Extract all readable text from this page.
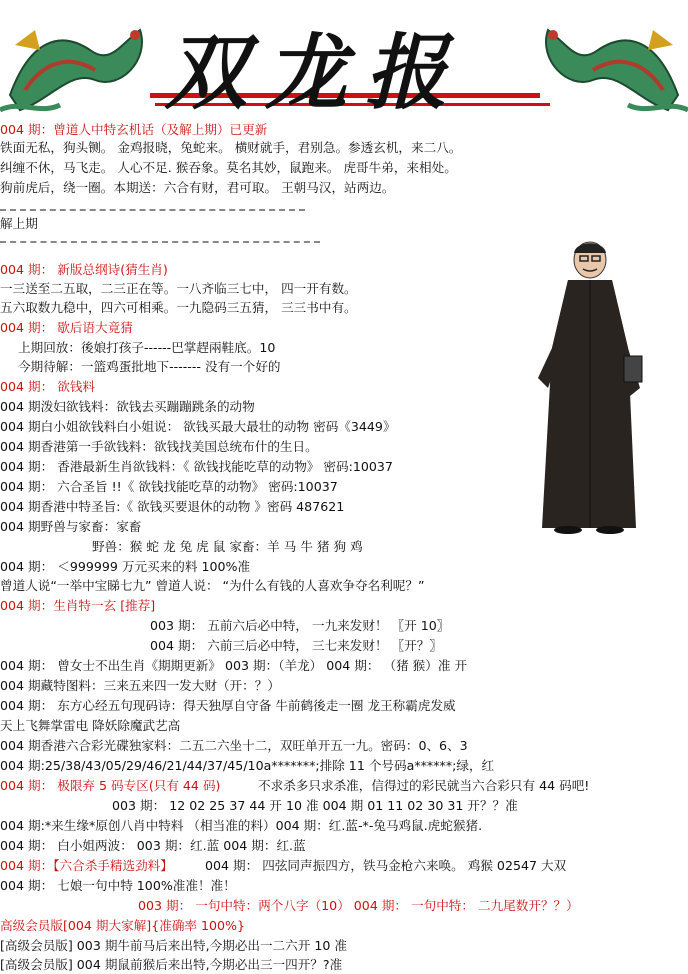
双龙报
004 期：曾道人中特玄机话（及解上期）已更新
铁面无私，狗头铡。 金鸡报晓，兔蛇来。 横财就手，君别急。参透玄机，来二八。
纠缠不休，马飞走。 人心不足. 猴吞象。莫名其妙，鼠跑来。 虎哥牛弟，来相处。
狗前虎后，绕一圈。本期送：六合有财，君可取。 王朝马汉，站两边。
解上期
004 期： 新版总纲诗(猜生肖)
一三送至二五取，二三正在等。一八齐临三七中， 四一开有数。
五六取数九稳中，四六可相乘。一九隐码三五猜， 三三书中有。
004 期： 歇后语大竟猜
上期回放：後娘打孩子------巴掌趕兩鞋底。10
今期待解：一篮鸡蛋批地下------- 没有一个好的
004 期： 欲钱料
004 期泼妇欲钱料：欲钱去买蹦蹦跳条的动物
004 期白小姐欲钱料白小姐说： 欲钱买最大最壮的动物 密码《3449》
004 期香港第一手欲钱料：欲钱找美国总统布什的生日。
004 期： 香港最新生肖欲钱料：《 欲钱找能吃草的动物》 密码:10037
004 期： 六合圣旨 !!《 欲钱找能吃草的动物》 密码:10037
004 期香港中特圣旨:《 欲钱买要退休的动物 》密码 487621
004 期野兽与家畜：家畜
野兽：猴 蛇 龙 兔 虎 鼠 家畜：羊 马 牛 猪 狗 鸡
004 期： ＜999999 万元买来的料 100%准
曾道人说“一举中宝睇七九” 曾道人说： “为什么有钱的人喜欢争夺名利呢？”
004 期：生肖特一玄 [推荐]
003 期： 五前六后必中特， 一九来发财！ 〖开 10〗
004 期： 六前三后必中特， 三七来发财！ 〖开？〗
004 期： 曾女士不出生肖《期期更新》 003 期：（羊龙） 004 期： （猪 猴）准 开
004 期藏特图料：三来五来四一发大财（开：？）
004 期： 东方心经五句现码诗：得天独厚自守备 牛前鹤後走一圈 龙王称霸虎发威
天上飞舞掌雷电 降妖除魔武艺高
004 期香港六合彩光碟独家料：二五二六坐十二，双旺单开五一九。密码：0、6、3
004 期:25/38/43/05/29/46/21/44/37/45/10a*******;排除 11 个号码a******;绿，红
004 期： 极限弃 5 码专区(只有 44 码)	不求杀多只求杀准，信得过的彩民就当六合彩只有 44 码吧!
003 期： 12 02 25 37 44 开 10 准 004 期 01 11 02 30 31 开？？准
004 期:*来生缘*原创八肖中特料 （相当准的料）004 期：红.蓝-*-兔马鸡鼠.虎蛇猴猪.
004 期： 白小姐两波： 003 期：红.蓝 004 期：红.蓝
004 期：【六合杀手精选劲料】	004 期： 四弦同声振四方，铁马金枪六来唤。 鸡猴 02547 大双
004 期： 七娘一句中特 100%准准！准！
003 期： 一句中特：两个八字（10） 004 期： 一句中特： 二九尾数开？？）
高级会员版[004 期大家解]{准确率 100%}
[高级会员版] 003 期牛前马后来出特,今期必出一二六开 10 准
[高级会员版] 004 期鼠前猴后来出特,今期必出三一四开？?准
